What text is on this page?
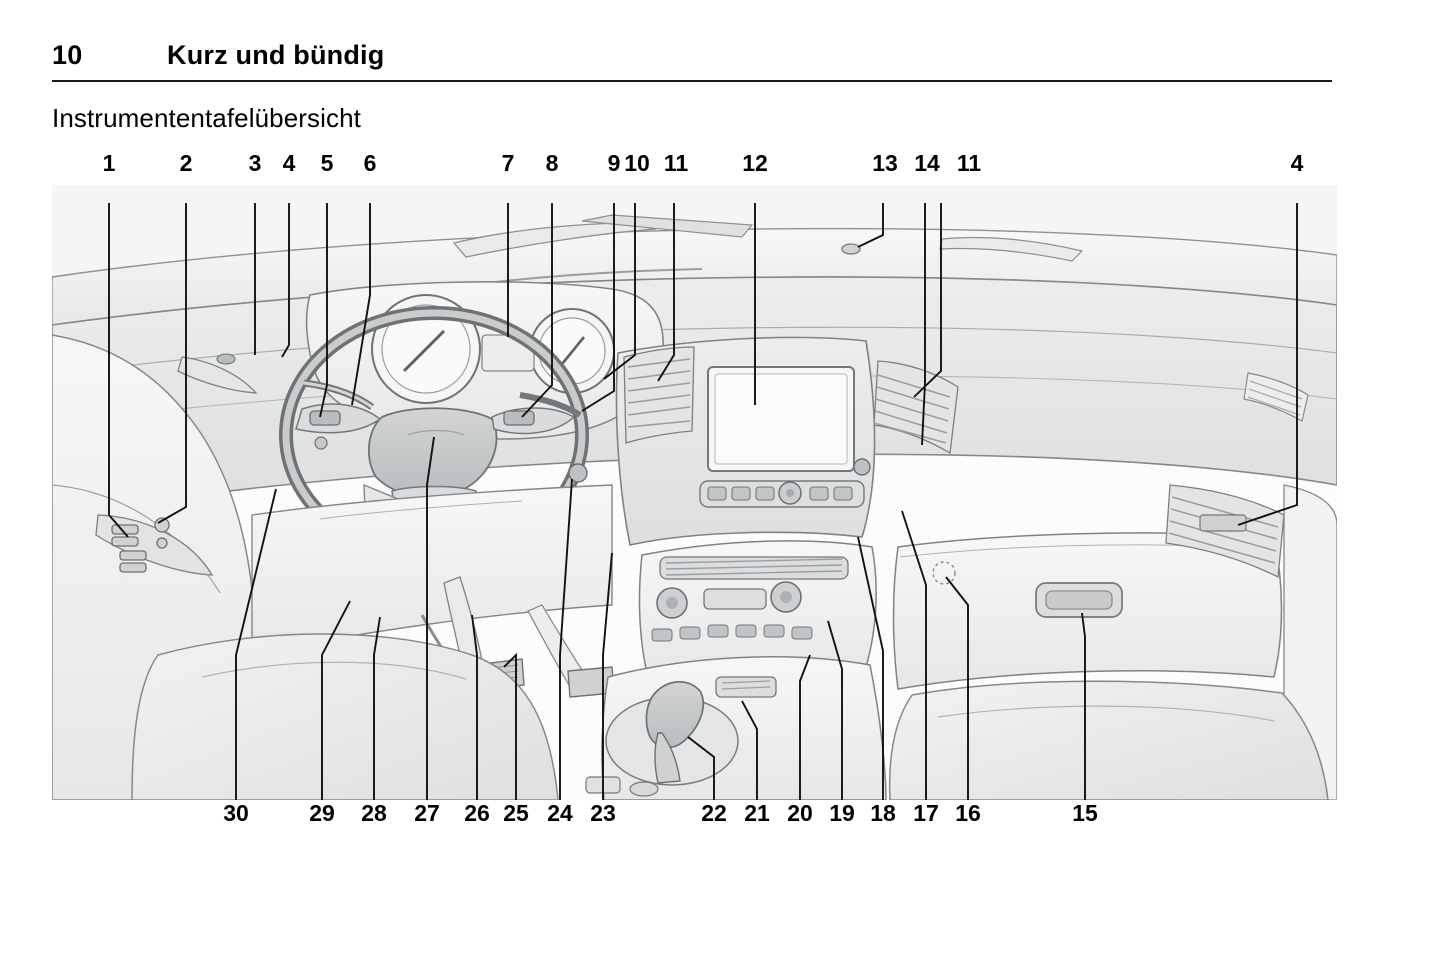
10	Kurz und bündig
Instrumententafelübersicht
1	2	3 4	5	6	7	8	9 10 11	12	13 14 11	4
30	29	28	27	26 25 24 23	22 21 20 19 18 17 16	15
